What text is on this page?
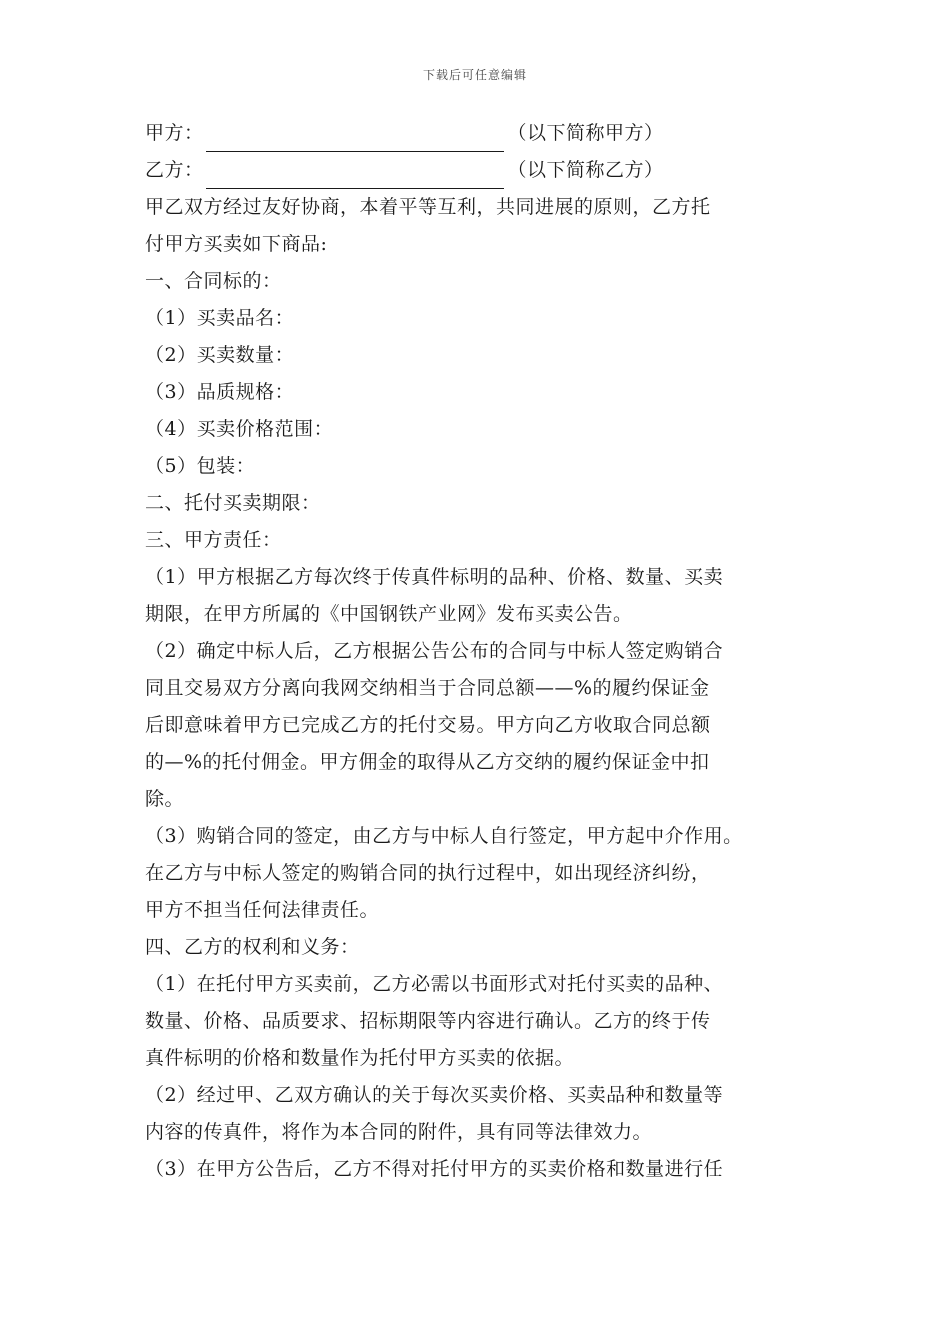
下载后可任意编辑
甲方：	（以下简称甲方）
乙方：	（以下简称乙方）
甲乙双方经过友好协商，本着平等互利，共同进展的原则，乙方托
付甲方买卖如下商品:
一、合同标的：
（1）买卖品名：
（2）买卖数量：
（3）品质规格：
（4）买卖价格范围：
（5）包装：
二、托付买卖期限：
三、甲方责任：
（1）甲方根据乙方每次终于传真件标明的品种、价格、数量、买卖
期限，在甲方所属的《中国钢铁产业网》发布买卖公告。
（2）确定中标人后，乙方根据公告公布的合同与中标人签定购销合
同且交易双方分离向我网交纳相当于合同总额——%的履约保证金
后即意味着甲方已完成乙方的托付交易。甲方向乙方收取合同总额
的—%的托付佣金。甲方佣金的取得从乙方交纳的履约保证金中扣
除。
（3）购销合同的签定，由乙方与中标人自行签定，甲方起中介作用。
在乙方与中标人签定的购销合同的执行过程中，如出现经济纠纷，
甲方不担当任何法律责任。
四、乙方的权利和义务：
（1）在托付甲方买卖前，乙方必需以书面形式对托付买卖的品种、
数量、价格、品质要求、招标期限等内容进行确认。乙方的终于传
真件标明的价格和数量作为托付甲方买卖的依据。
（2）经过甲、乙双方确认的关于每次买卖价格、买卖品种和数量等
内容的传真件，将作为本合同的附件，具有同等法律效力。
（3）在甲方公告后，乙方不得对托付甲方的买卖价格和数量进行任
